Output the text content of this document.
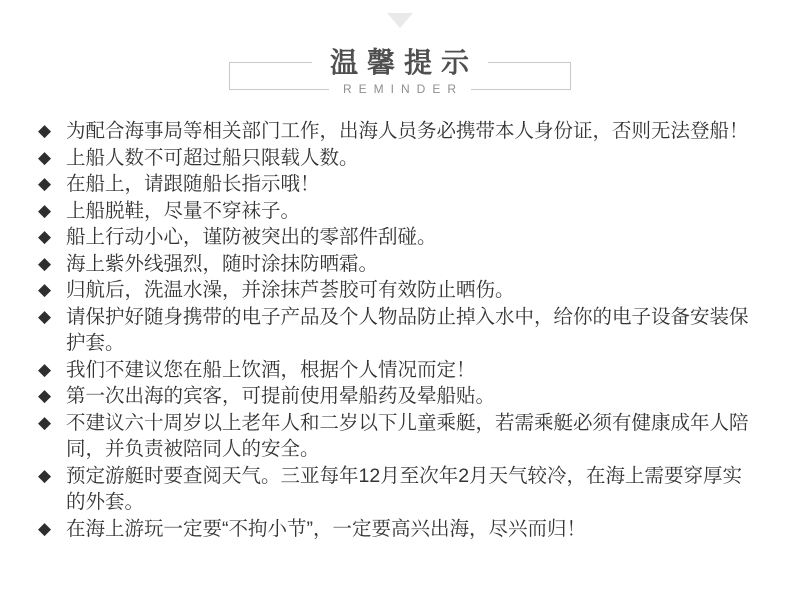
温馨提示
REMINDER
◆ 为配合海事局等相关部门工作，出海人员务必携带本人身份证，否则无法登船！
◆ 上船人数不可超过船只限载人数。
◆ 在船上，请跟随船长指示哦！
◆ 上船脱鞋，尽量不穿袜子。
◆ 船上行动小心，谨防被突出的零部件刮碰。
◆ 海上紫外线强烈，随时涂抹防晒霜。
◆ 归航后，洗温水澡，并涂抹芦荟胶可有效防止晒伤。
◆ 请保护好随身携带的电子产品及个人物品防止掉入水中，给你的电子设备安装保护套。
◆ 我们不建议您在船上饮酒，根据个人情况而定！
◆ 第一次出海的宾客，可提前使用晕船药及晕船贴。
◆ 不建议六十周岁以上老年人和二岁以下儿童乘艇，若需乘艇必须有健康成年人陪同，并负责被陪同人的安全。
◆ 预定游艇时要查阅天气。三亚每年12月至次年2月天气较冷，在海上需要穿厚实的外套。
◆ 在海上游玩一定要“不拘小节”，一定要高兴出海，尽兴而归！
